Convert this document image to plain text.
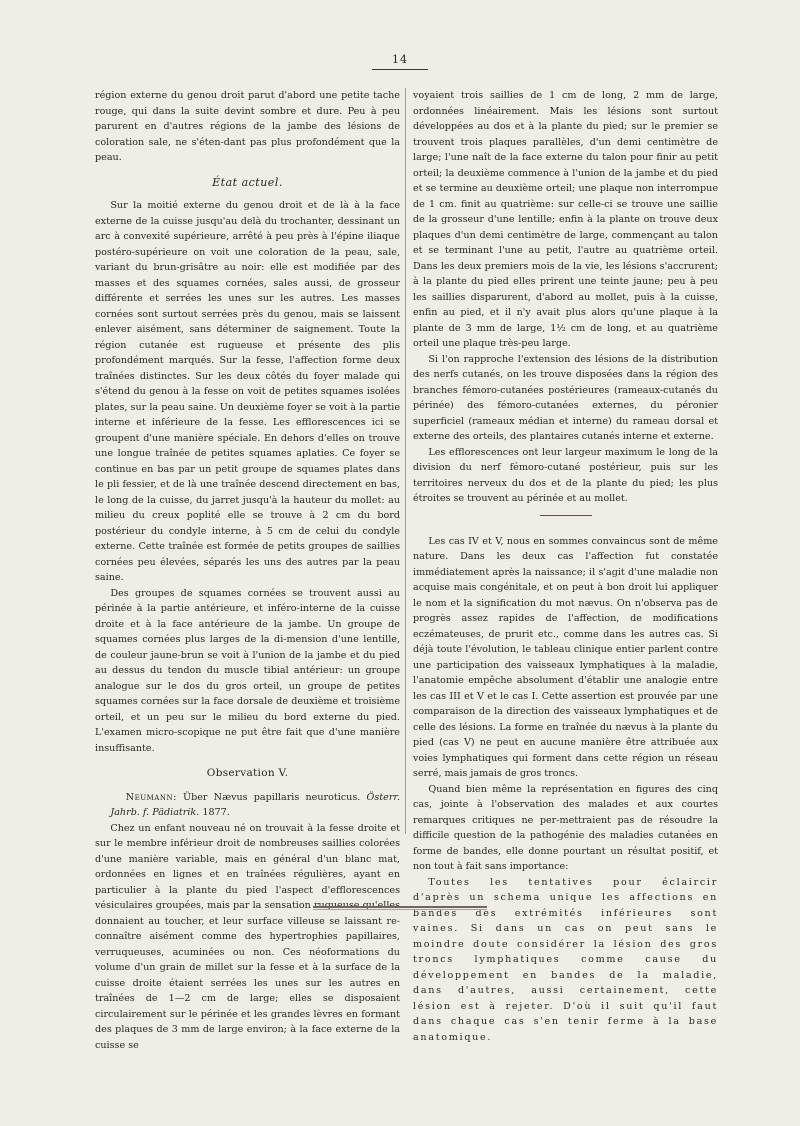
14

région externe du genou droit parut d'abord une petite tache rouge, qui dans la suite devint sombre et dure. Peu à peu parurent en d'autres régions de la jambe des lésions de coloration sale, ne s'éten-dant pas plus profondément que la peau.

État actuel.

Sur la moitié externe du genou droit et de là à la face externe de la cuisse jusqu'au delà du trochanter, dessinant un arc à convexité supérieure, arrêté à peu près à l'épine iliaque postéro-supérieure on voit une coloration de la peau, sale, variant du brun-grisâtre au noir: elle est modifiée par des masses et des squames cornées, sales aussi, de grosseur différente et serrées les unes sur les autres. Les masses cornées sont surtout serrées près du genou, mais se laissent enlever aisément, sans déterminer de saignement. Toute la région cutanée est rugueuse et présente des plis profondément marqués. Sur la fesse, l'affection forme deux traînées distinctes. Sur les deux côtés du foyer malade qui s'étend du genou à la fesse on voit de petites squames isolées plates, sur la peau saine. Un deuxième foyer se voit à la partie interne et inférieure de la fesse. Les efflorescences ici se groupent d'une manière spéciale. En dehors d'elles on trouve une longue traînée de petites squames aplaties. Ce foyer se continue en bas par un petit groupe de squames plates dans le pli fessier, et de là une traînée descend directement en bas, le long de la cuisse, du jarret jusqu'à la hauteur du mollet: au milieu du creux poplité elle se trouve à 2 cm du bord postérieur du condyle interne, à 5 cm de celui du condyle externe. Cette traînée est formée de petits groupes de saillies cornées peu élevées, séparés les uns des autres par la peau saine.

Des groupes de squames cornées se trouvent aussi au périnée à la partie antérieure, et inféro-interne de la cuisse droite et à la face antérieure de la jambe. Un groupe de squames cornées plus larges de la di-mension d'une lentille, de couleur jaune-brun se voit à l'union de la jambe et du pied au dessus du tendon du muscle tibial antérieur: un groupe analogue sur le dos du gros orteil, un groupe de petites squames cornées sur la face dorsale de deuxième et troisième orteil, et un peu sur le milieu du bord externe du pied. L'examen micro-scopique ne put être fait que d'une manière insuffisante.

Observation V.

Neumann: Über Nævus papillaris neuroticus. Österr. Jahrb. f. Pädiatrik. 1877.

Chez un enfant nouveau né on trouvait à la fesse droite et sur le membre inférieur droit de nombreuses saillies colorées d'une manière variable, mais en général d'un blanc mat, ordonnées en lignes et en traînées régulières, ayant en particulier à la plante du pied l'aspect d'efflorescences vésiculaires groupées, mais par la sensation rugueuse qu'elles donnaient au toucher, et leur surface villeuse se laissant re-connaître aisément comme des hypertrophies papillaires, verruqueuses, acuminées ou non. Ces néoformations du volume d'un grain de millet sur la fesse et à la surface de la cuisse droite étaient serrées les unes sur les autres en traînées de 1—2 cm de large; elles se disposaient circulairement sur le périnée et les grandes lèvres en formant des plaques de 3 mm de large environ; à la face externe de la cuisse se

voyaient trois saillies de 1 cm de long, 2 mm de large, ordonnées linéairement. Mais les lésions sont surtout développées au dos et à la plante du pied; sur le premier se trouvent trois plaques parallèles, d'un demi centimètre de large; l'une naît de la face externe du talon pour finir au petit orteil; la deuxième commence à l'union de la jambe et du pied et se termine au deuxième orteil; une plaque non interrompue de 1 cm. finit au quatrième: sur celle-ci se trouve une saillie de la grosseur d'une lentille; enfin à la plante on trouve deux plaques d'un demi centimètre de large, commençant au talon et se terminant l'une au petit, l'autre au quatrième orteil. Dans les deux premiers mois de la vie, les lésions s'accrurent; à la plante du pied elles prirent une teinte jaune; peu à peu les saillies disparurent, d'abord au mollet, puis à la cuisse, enfin au pied, et il n'y avait plus alors qu'une plaque à la plante de 3 mm de large, 1½ cm de long, et au quatrième orteil une plaque très-peu large.

Si l'on rapproche l'extension des lésions de la distribution des nerfs cutanés, on les trouve disposées dans la région des branches fémoro-cutanées postérieures (rameaux-cutanés du périnée) des fémoro-cutanées externes, du péronier superficiel (rameaux médian et interne) du rameau dorsal et externe des orteils, des plantaires cutanés interne et externe.

Les efflorescences ont leur largeur maximum le long de la division du nerf fémoro-cutané postérieur, puis sur les territoires nerveux du dos et de la plante du pied; les plus étroites se trouvent au périnée et au mollet.

Les cas IV et V, nous en sommes convaincus sont de même nature. Dans les deux cas l'affection fut constatée immédiatement après la naissance; il s'agit d'une maladie non acquise mais congénitale, et on peut à bon droit lui appliquer le nom et la signification du mot nævus. On n'observa pas de progrès assez rapides de l'affection, de modifications eczémateuses, de prurit etc., comme dans les autres cas. Si déjà toute l'évolution, le tableau clinique entier parlent contre une participation des vaisseaux lymphatiques à la maladie, l'anatomie empêche absolument d'établir une analogie entre les cas III et V et le cas I. Cette assertion est prouvée par une comparaison de la direction des vaisseaux lymphatiques et de celle des lésions. La forme en traînée du nævus à la plante du pied (cas V) ne peut en aucune manière être attribuée aux voies lymphatiques qui forment dans cette région un réseau serré, mais jamais de gros troncs.

Quand bien même la représentation en figures des cinq cas, jointe à l'observation des malades et aux courtes remarques critiques ne per-mettraient pas de résoudre la difficile question de la pathogénie des maladies cutanées en forme de bandes, elle donne pourtant un résultat positif, et non tout à fait sans importance:

Toutes les tentatives pour éclaircir d'après un schema unique les affections en bandes des extrémités inférieures sont vaines. Si dans un cas on peut sans le moindre doute considérer la lésion des gros troncs lymphatiques comme cause du développement en bandes de la maladie, dans d'autres, aussi certainement, cette lésion est à rejeter. D'où il suit qu'il faut dans chaque cas s'en tenir ferme à la base anatomique.
